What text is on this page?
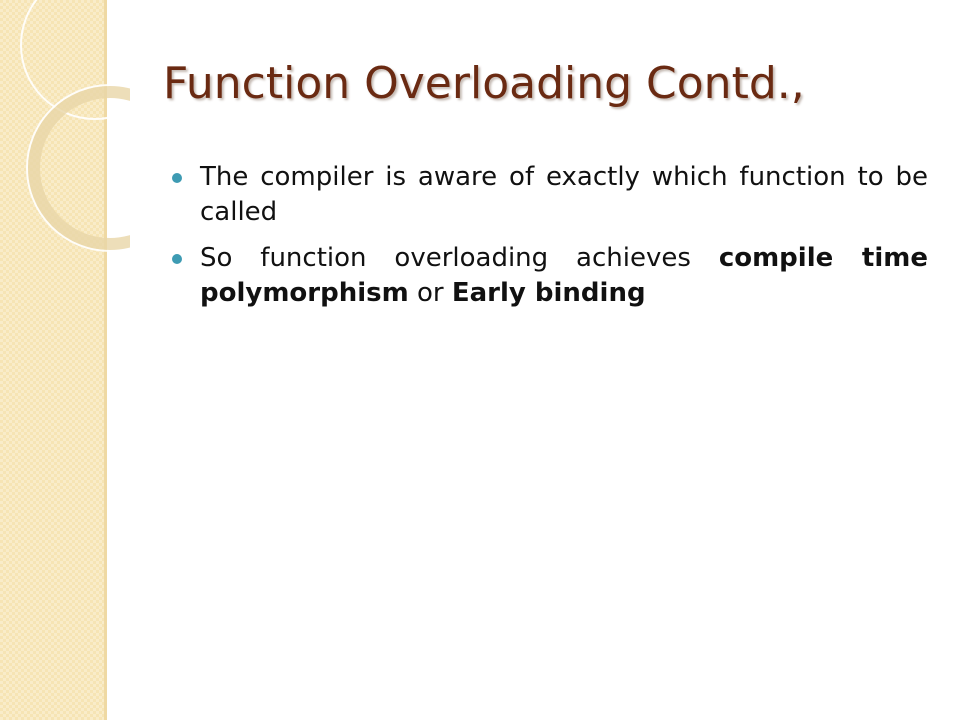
Function Overloading Contd.,
The compiler is aware of exactly which function to be called
So function overloading achieves compile time polymorphism or Early binding
